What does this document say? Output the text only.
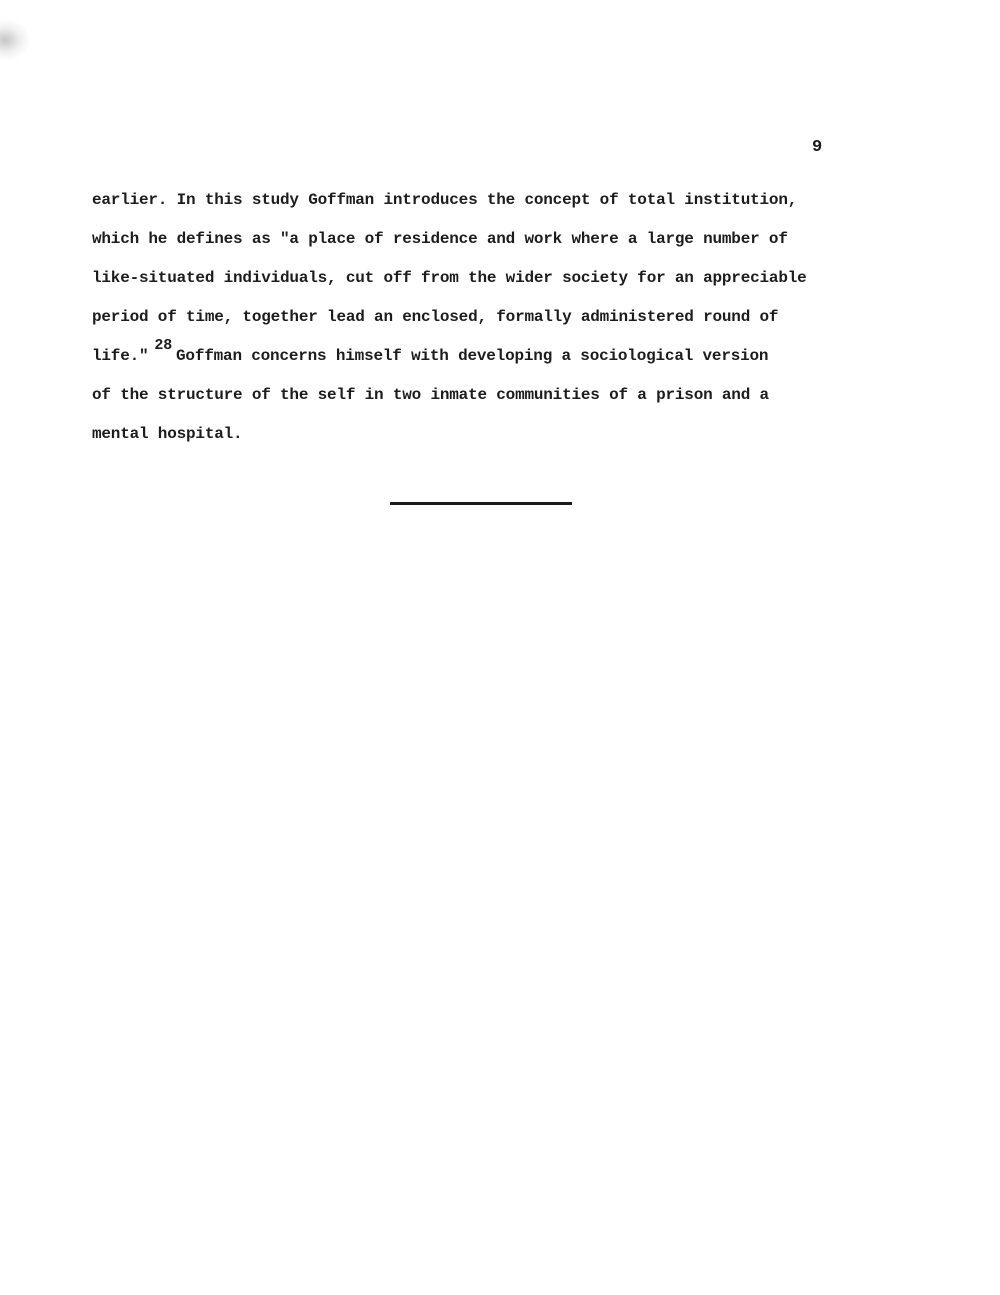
9
earlier. In this study Goffman introduces the concept of total institution,
which he defines as "a place of residence and work where a large number of
like-situated individuals, cut off from the wider society for an appreciable
period of time, together lead an enclosed, formally administered round of
life."28Goffman concerns himself with developing a sociological version
of the structure of the self in two inmate communities of a prison and a
mental hospital.
